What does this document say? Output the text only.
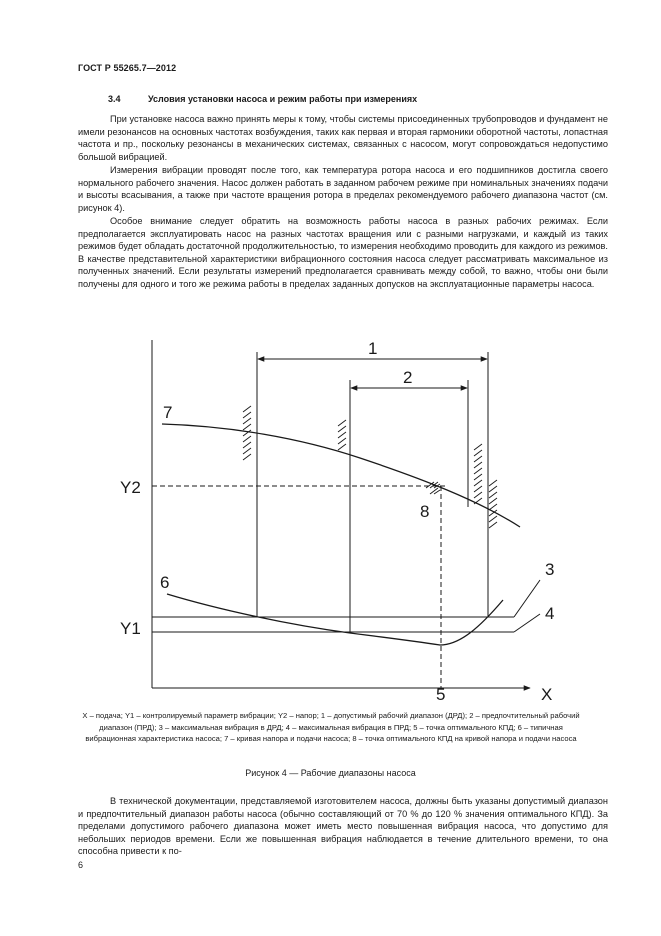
ГОСТ Р 55265.7—2012
3.4	Условия установки насоса и режим работы при измерениях

При установке насоса важно принять меры к тому, чтобы системы присоединенных трубопроводов и фундамент не имели резонансов на основных частотах возбуждения, таких как первая и вторая гармоники оборотной частоты, лопастная частота и пр., поскольку резонансы в механических системах, связанных с насосом, могут сопровождаться недопустимо большой вибрацией.

Измерения вибрации проводят после того, как температура ротора насоса и его подшипников достигла своего нормального рабочего значения. Насос должен работать в заданном рабочем режиме при номинальных значениях подачи и высоты всасывания, а также при частоте вращения ротора в пределах рекомендуемого рабочего диапазона частот (см. рисунок 4).

Особое внимание следует обратить на возможность работы насоса в разных рабочих режимах. Если предполагается эксплуатировать насос на разных частотах вращения или с разными нагрузками, и каждый из таких режимов будет обладать достаточной продолжительностью, то измерения необходимо проводить для каждого из режимов. В качестве представительной характеристики вибрационного состояния насоса следует рассматривать максимальное из полученных значений. Если результаты измерений предполагается сравнивать между собой, то важно, чтобы они были получены для одного и того же режима работы в пределах заданных допусков на эксплуатационные параметры насоса.

1
2
7
Y2
8
6
3
Y1
4
5	X

X – подача; Y1 – контролируемый параметр вибрации; Y2 – напор; 1 – допустимый рабочий диапазон (ДРД); 2 – предпочтительный рабочий диапазон (ПРД); 3 – максимальная вибрация в ДРД; 4 – максимальная вибрация в ПРД; 5 – точка оптимального КПД; 6 – типичная вибрационная характеристика насоса; 7 – кривая напора и подачи насоса; 8 – точка оптимального КПД на кривой напора и подачи насоса

Рисунок 4 — Рабочие диапазоны насоса

В технической документации, представляемой изготовителем насоса, должны быть указаны допустимый диапазон и предпочтительный диапазон работы насоса (обычно составляющий от 70 % до 120 % значения оптимального КПД). За пределами допустимого рабочего диапазона может иметь место повышенная вибрация насоса, что допустимо для небольших периодов времени. Если же повышенная вибрация наблюдается в течение длительного времени, то она способна привести к по-

6
